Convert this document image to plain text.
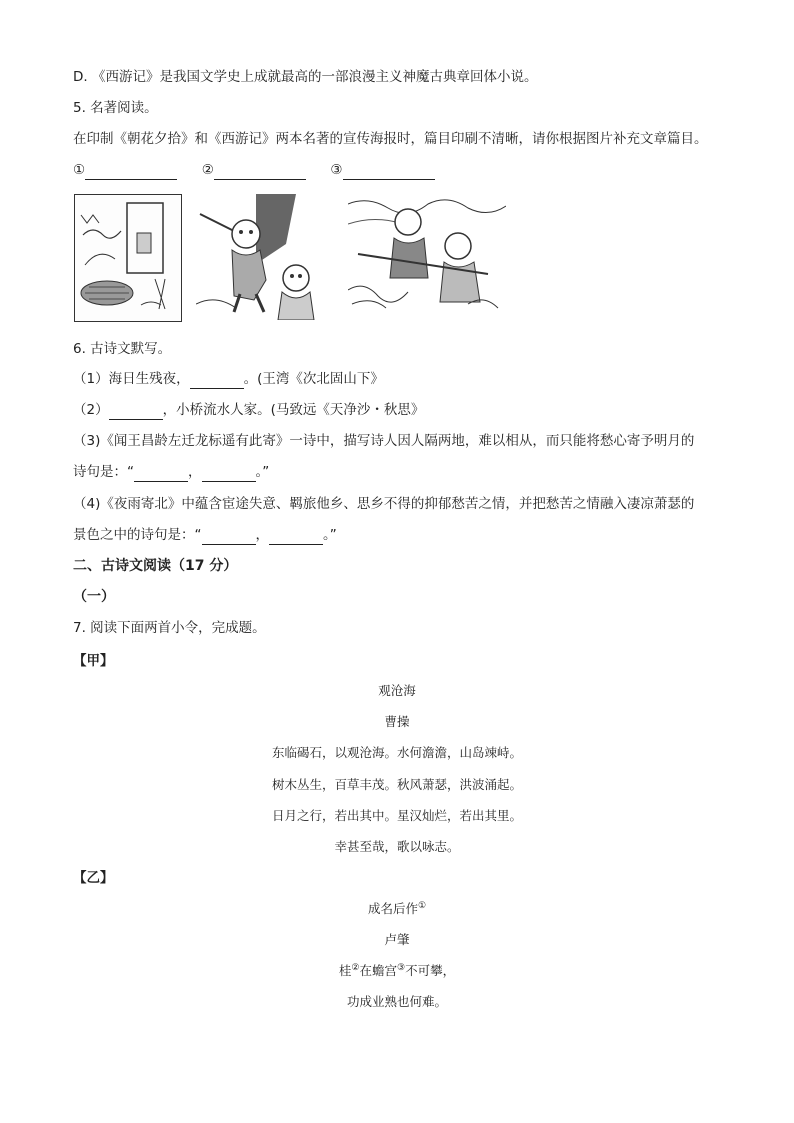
D. 《西游记》是我国文学史上成就最高的一部浪漫主义神魔古典章回体小说。
5. 名著阅读。
在印制《朝花夕拾》和《西游记》两本名著的宣传海报时，篇目印刷不清晰，请你根据图片补充文章篇目。
①	②	③
6. 古诗文默写。
（1）海日生残夜，	。(王湾《次北固山下》
（2）	，小桥流水人家。(马致远《天净沙・秋思》
（3)《闻王昌龄左迁龙标遥有此寄》一诗中，描写诗人因人隔两地，难以相从，而只能将愁心寄予明月的
诗句是：“	，	。”
（4)《夜雨寄北》中蕴含宦途失意、羁旅他乡、思乡不得的抑郁愁苦之情，并把愁苦之情融入凄凉萧瑟的
景色之中的诗句是：“	，	。”
二、古诗文阅读（17 分）
（一）
7. 阅读下面两首小令，完成题。
【甲】
观沧海
曹操
东临碣石，以观沧海。水何澹澹，山岛竦峙。
树木丛生，百草丰茂。秋风萧瑟，洪波涌起。
日月之行，若出其中。星汉灿烂，若出其里。
幸甚至哉，歌以咏志。
【乙】
成名后作①
卢肇
桂②在蟾宫③不可攀，
功成业熟也何难。
